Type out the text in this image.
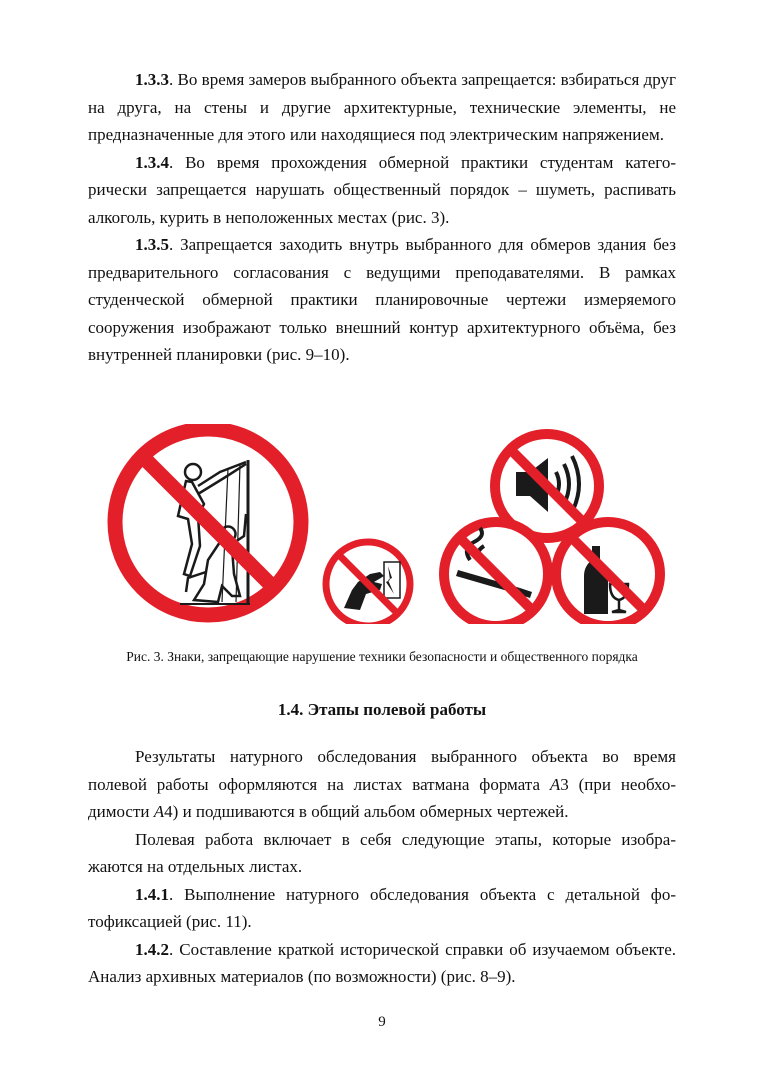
1.3.3. Во время замеров выбранного объекта запрещается: взбираться друг на друга, на стены и другие архитектурные, технические элементы, не предназначенные для этого или находящиеся под электрическим напряжением.

1.3.4. Во время прохождения обмерной практики студентам категорически запрещается нарушать общественный порядок – шуметь, распивать алкоголь, курить в неположенных местах (рис. 3).

1.3.5. Запрещается заходить внутрь выбранного для обмеров здания без предварительного согласования с ведущими преподавателями. В рамках студенческой обмерной практики планировочные чертежи измеряемого сооружения изображают только внешний контур архитектурного объёма, без внутренней планировки (рис. 9–10).

Рис. 3. Знаки, запрещающие нарушение техники безопасности и общественного порядка
1.4. Этапы полевой работы

Результаты натурного обследования выбранного объекта во время полевой работы оформляются на листах ватмана формата А3 (при необходимости А4) и подшиваются в общий альбом обмерных чертежей.

Полевая работа включает в себя следующие этапы, которые изображаются на отдельных листах.

1.4.1. Выполнение натурного обследования объекта с детальной фотофиксацией (рис. 11).

1.4.2. Составление краткой исторической справки об изучаемом объекте. Анализ архивных материалов (по возможности) (рис. 8–9).

9
